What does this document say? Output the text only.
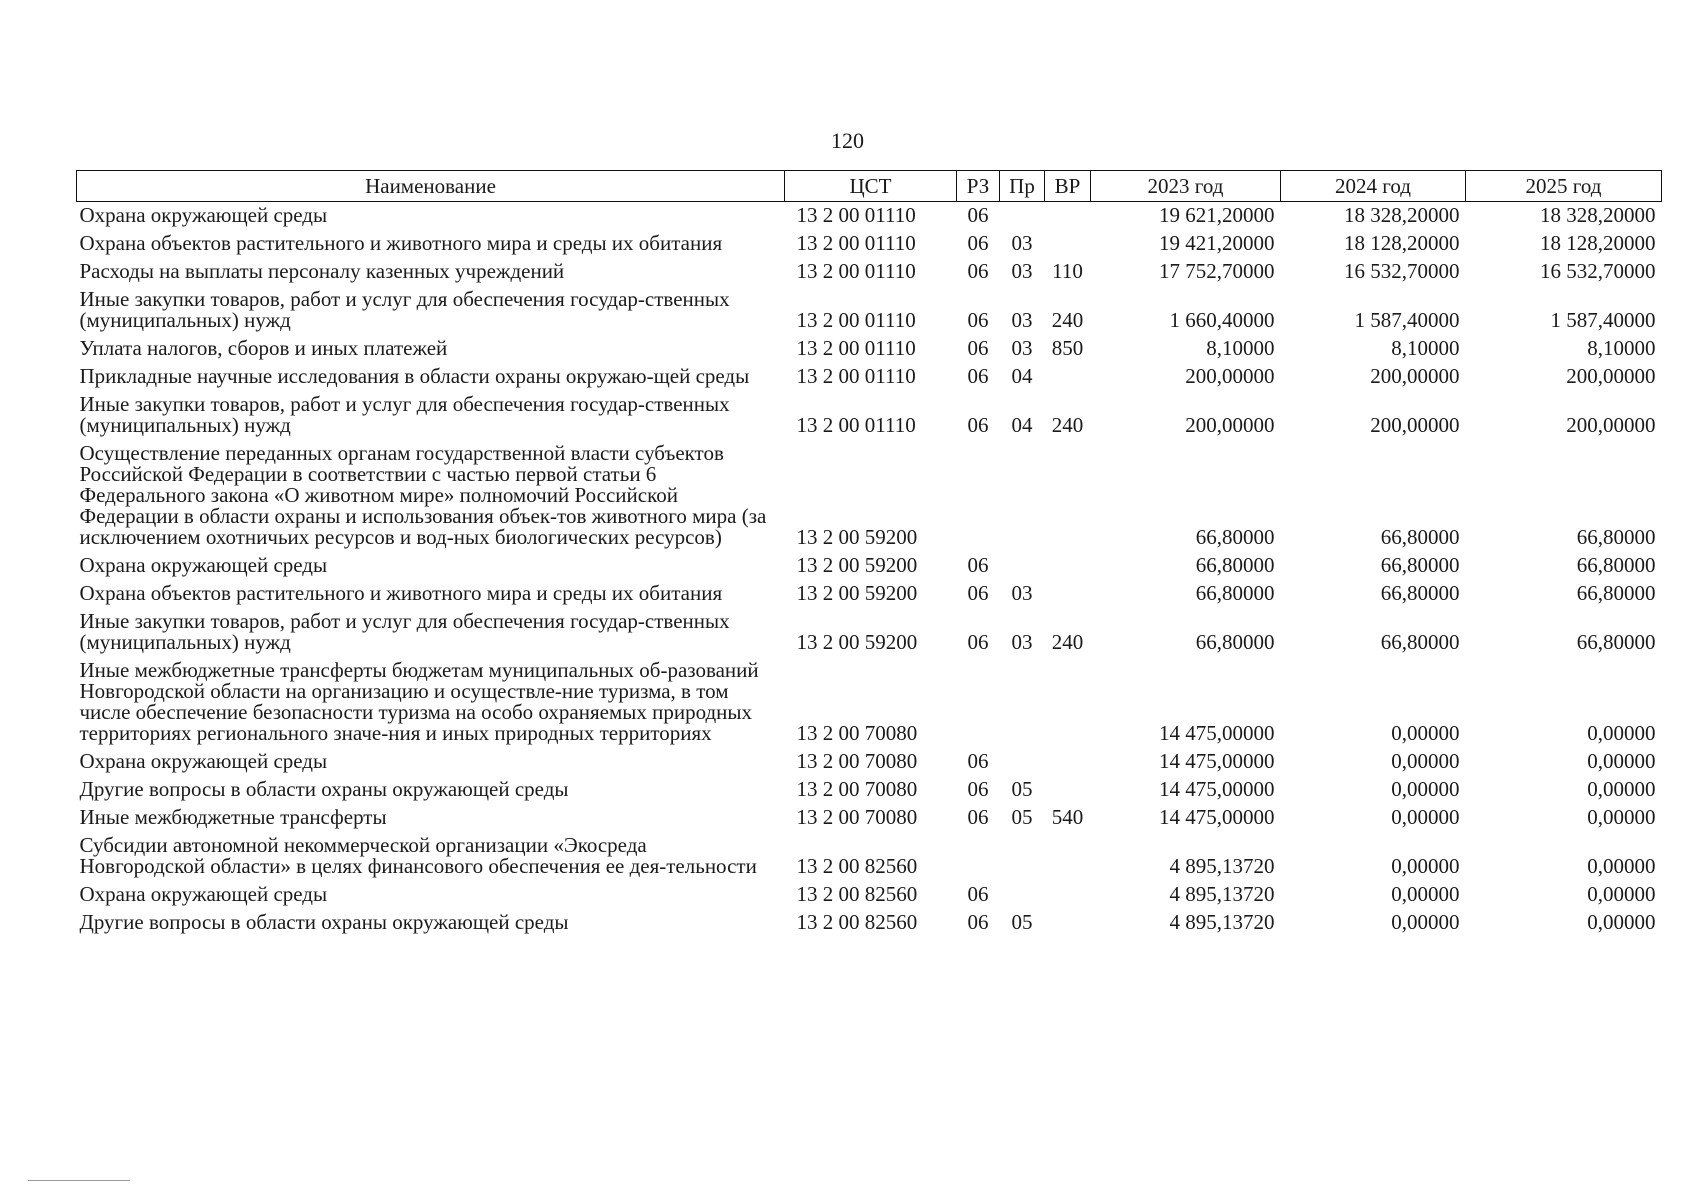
120
Наименование	ЦСТ	РЗ	Пр	ВР	2023 год	2024 год	2025 год
Охрана окружающей среды	13 2 00 01110	06			19 621,20000	18 328,20000	18 328,20000
Охрана объектов растительного и животного мира и среды их обитания	13 2 00 01110	06	03		19 421,20000	18 128,20000	18 128,20000
Расходы на выплаты персоналу казенных учреждений	13 2 00 01110	06	03	110	17 752,70000	16 532,70000	16 532,70000
Иные закупки товаров, работ и услуг для обеспечения государ-ственных (муниципальных) нужд	13 2 00 01110	06	03	240	1 660,40000	1 587,40000	1 587,40000
Уплата налогов, сборов и иных платежей	13 2 00 01110	06	03	850	8,10000	8,10000	8,10000
Прикладные научные исследования в области охраны окружаю-щей среды	13 2 00 01110	06	04		200,00000	200,00000	200,00000
Иные закупки товаров, работ и услуг для обеспечения государ-ственных (муниципальных) нужд	13 2 00 01110	06	04	240	200,00000	200,00000	200,00000
Осуществление переданных органам государственной власти субъектов Российской Федерации в соответствии с частью первой статьи 6 Федерального закона «О животном мире» полномочий Российской Федерации в области охраны и использования объек-тов животного мира (за исключением охотничьих ресурсов и вод-ных биологических ресурсов)	13 2 00 59200				66,80000	66,80000	66,80000
Охрана окружающей среды	13 2 00 59200	06			66,80000	66,80000	66,80000
Охрана объектов растительного и животного мира и среды их обитания	13 2 00 59200	06	03		66,80000	66,80000	66,80000
Иные закупки товаров, работ и услуг для обеспечения государ-ственных (муниципальных) нужд	13 2 00 59200	06	03	240	66,80000	66,80000	66,80000
Иные межбюджетные трансферты бюджетам муниципальных об-разований Новгородской области на организацию и осуществле-ние туризма, в том числе обеспечение безопасности туризма на особо охраняемых природных территориях регионального значе-ния и иных природных территориях	13 2 00 70080				14 475,00000	0,00000	0,00000
Охрана окружающей среды	13 2 00 70080	06			14 475,00000	0,00000	0,00000
Другие вопросы в области охраны окружающей среды	13 2 00 70080	06	05		14 475,00000	0,00000	0,00000
Иные межбюджетные трансферты	13 2 00 70080	06	05	540	14 475,00000	0,00000	0,00000
Субсидии автономной некоммерческой организации «Экосреда Новгородской области» в целях финансового обеспечения ее дея-тельности	13 2 00 82560				4 895,13720	0,00000	0,00000
Охрана окружающей среды	13 2 00 82560	06			4 895,13720	0,00000	0,00000
Другие вопросы в области охраны окружающей среды	13 2 00 82560	06	05		4 895,13720	0,00000	0,00000
